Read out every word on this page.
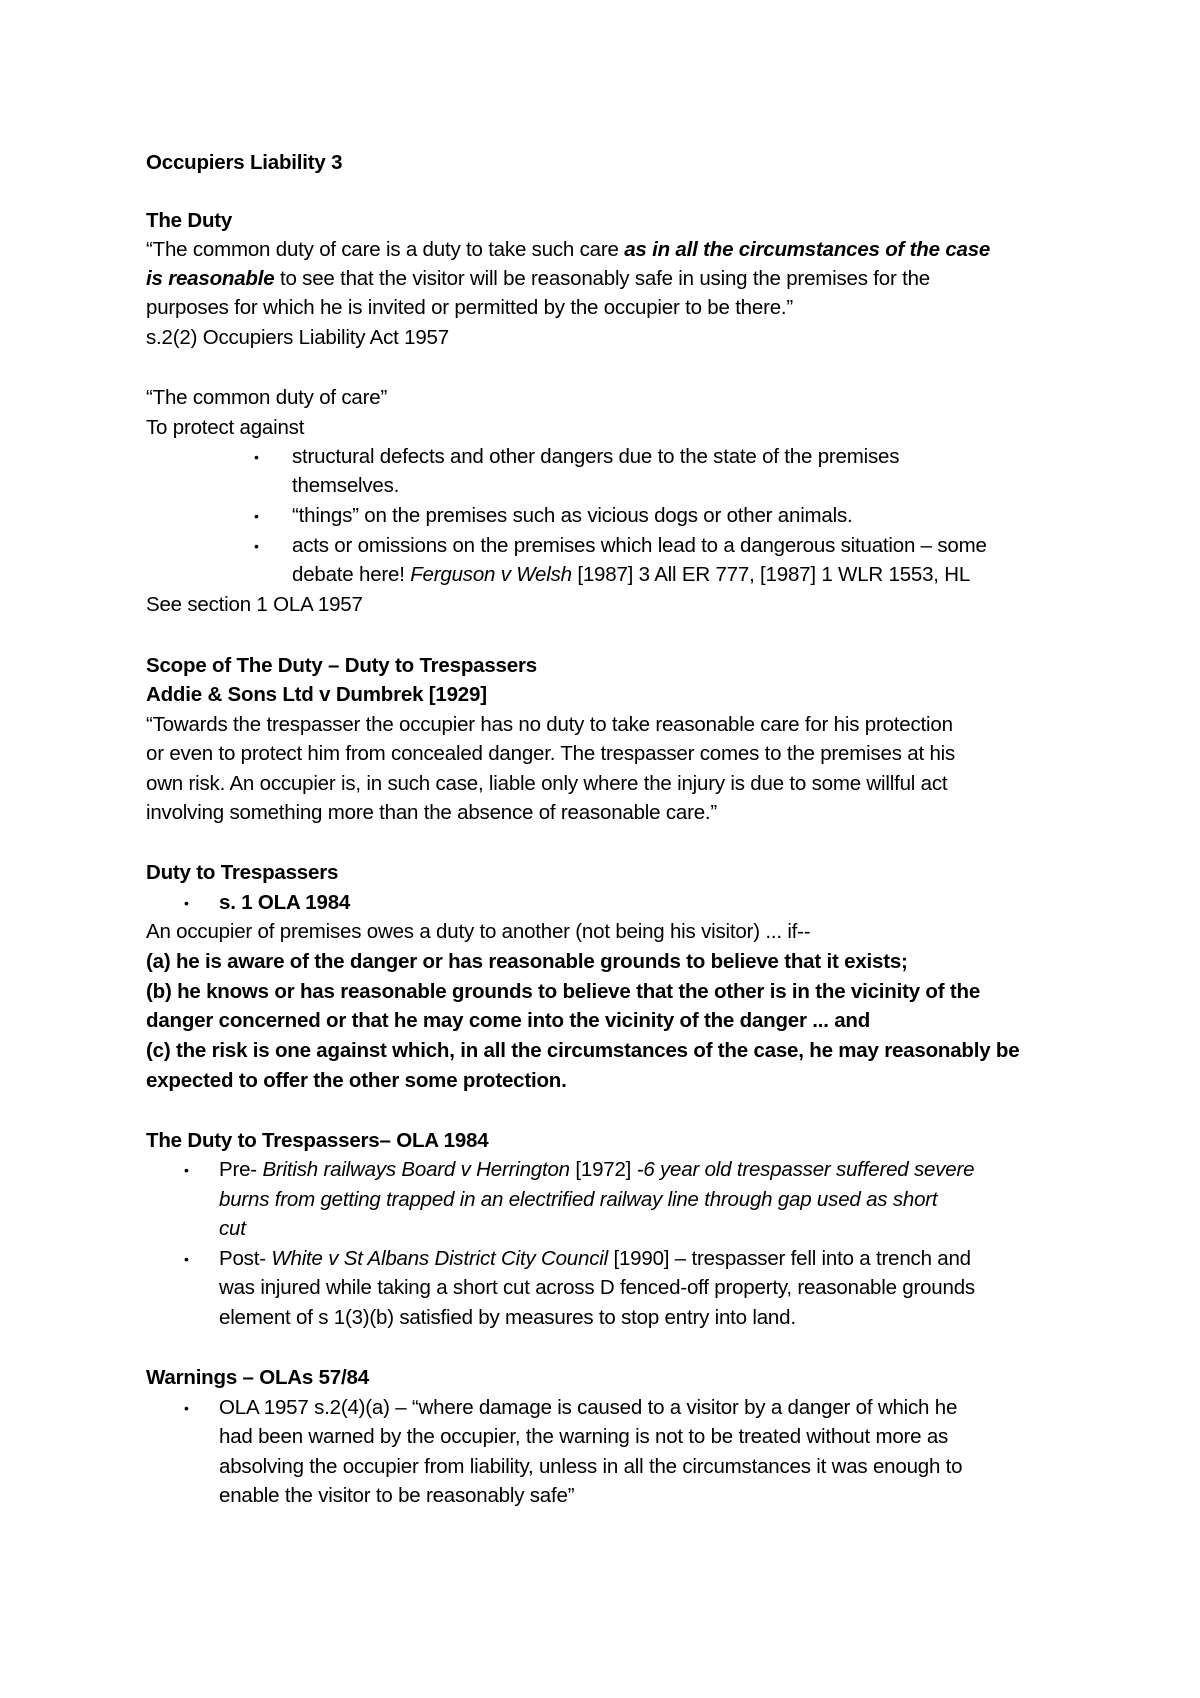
Occupiers Liability 3
The Duty
“The common duty of care is a duty to take such care as in all the circumstances of the case
is reasonable to see that the visitor will be reasonably safe in using the premises for the
purposes for which he is invited or permitted by the occupier to be there.”
s.2(2) Occupiers Liability Act 1957
“The common duty of care”
To protect against
• structural defects and other dangers due to the state of the premises
themselves.
• “things” on the premises such as vicious dogs or other animals.
• acts or omissions on the premises which lead to a dangerous situation – some
debate here! Ferguson v Welsh [1987] 3 All ER 777, [1987] 1 WLR 1553, HL
See section 1 OLA 1957
Scope of The Duty – Duty to Trespassers
Addie & Sons Ltd v Dumbrek [1929]
“Towards the trespasser the occupier has no duty to take reasonable care for his protection
or even to protect him from concealed danger. The trespasser comes to the premises at his
own risk. An occupier is, in such case, liable only where the injury is due to some willful act
involving something more than the absence of reasonable care.”
Duty to Trespassers
• s. 1 OLA 1984
An occupier of premises owes a duty to another (not being his visitor) ... if--
(a) he is aware of the danger or has reasonable grounds to believe that it exists;
(b) he knows or has reasonable grounds to believe that the other is in the vicinity of the
danger concerned or that he may come into the vicinity of the danger ... and
(c) the risk is one against which, in all the circumstances of the case, he may reasonably be
expected to offer the other some protection.
The Duty to Trespassers– OLA 1984
• Pre- British railways Board v Herrington [1972] -6 year old trespasser suffered severe
burns from getting trapped in an electrified railway line through gap used as short
cut
• Post- White v St Albans District City Council [1990] – trespasser fell into a trench and
was injured while taking a short cut across D fenced-off property, reasonable grounds
element of s 1(3)(b) satisfied by measures to stop entry into land.
Warnings – OLAs 57/84
• OLA 1957 s.2(4)(a) – “where damage is caused to a visitor by a danger of which he
had been warned by the occupier, the warning is not to be treated without more as
absolving the occupier from liability, unless in all the circumstances it was enough to
enable the visitor to be reasonably safe”
